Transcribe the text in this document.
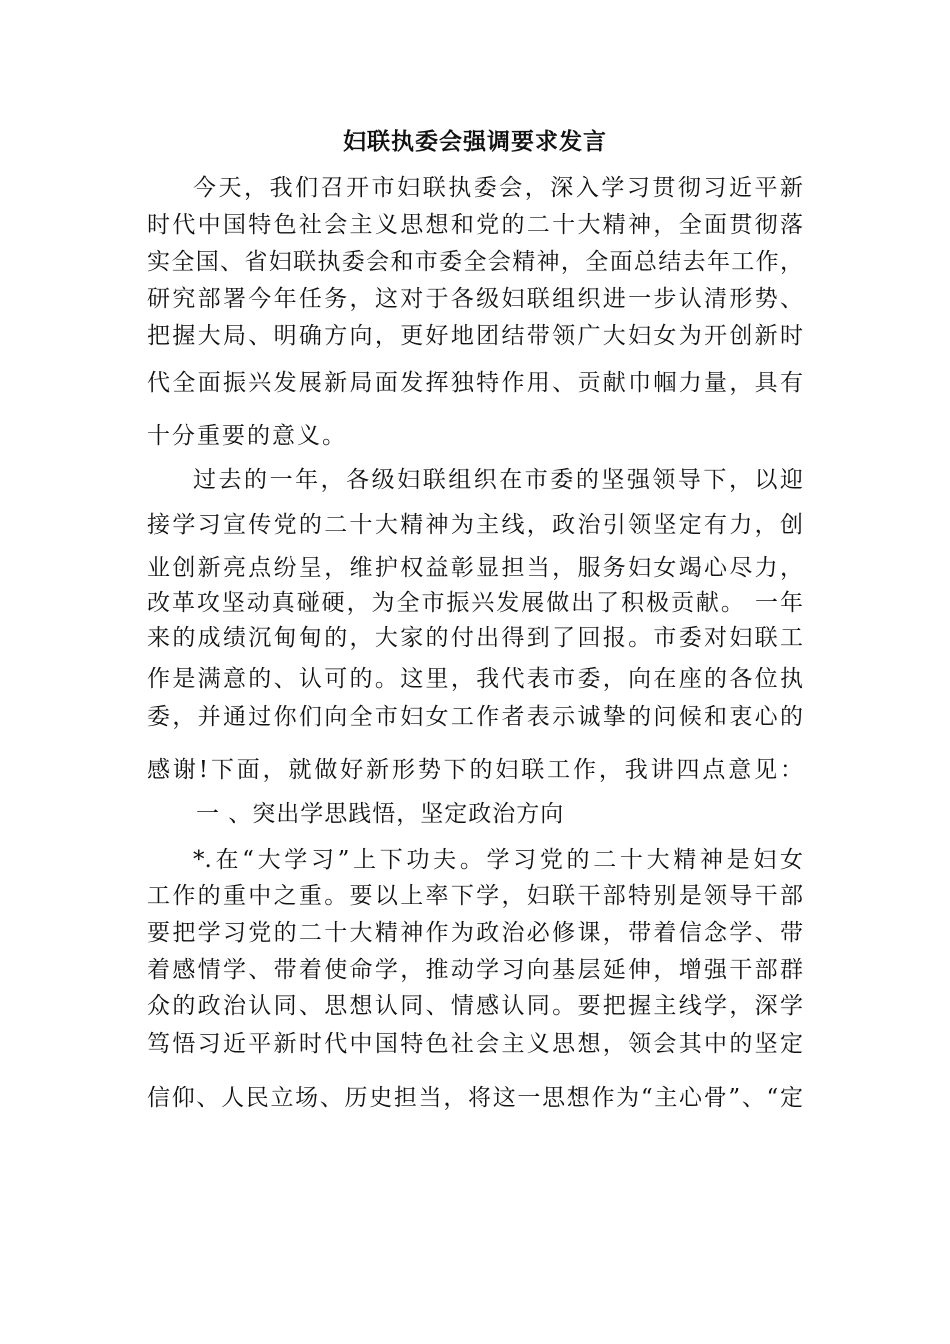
妇联执委会强调要求发言
今天，我们召开市妇联执委会，深入学习贯彻习近平新
时代中国特色社会主义思想和党的二十大精神，全面贯彻落
实全国、省妇联执委会和市委全会精神，全面总结去年工作，
研究部署今年任务，这对于各级妇联组织进一步认清形势、
把握大局、明确方向，更好地团结带领广大妇女为开创新时
代全面振兴发展新局面发挥独特作用、贡献巾帼力量，具有
十分重要的意义。
过去的一年，各级妇联组织在市委的坚强领导下，以迎
接学习宣传党的二十大精神为主线，政治引领坚定有力，创
业创新亮点纷呈，维护权益彰显担当，服务妇女竭心尽力，
改革攻坚动真碰硬，为全市振兴发展做出了积极贡献。 一年
来的成绩沉甸甸的，大家的付出得到了回报。市委对妇联工
作是满意的、认可的。这里，我代表市委，向在座的各位执
委，并通过你们向全市妇女工作者表示诚挚的问候和衷心的
感谢!下面，就做好新形势下的妇联工作，我讲四点意见：
一 、突出学思践悟，坚定政治方向
*.在“大学习”上下功夫。学习党的二十大精神是妇女
工作的重中之重。要以上率下学，妇联干部特别是领导干部
要把学习党的二十大精神作为政治必修课，带着信念学、带
着感情学、带着使命学，推动学习向基层延伸，增强干部群
众的政治认同、思想认同、情感认同。要把握主线学，深学
笃悟习近平新时代中国特色社会主义思想，领会其中的坚定
信仰、人民立场、历史担当，将这一思想作为“主心骨”、“定
